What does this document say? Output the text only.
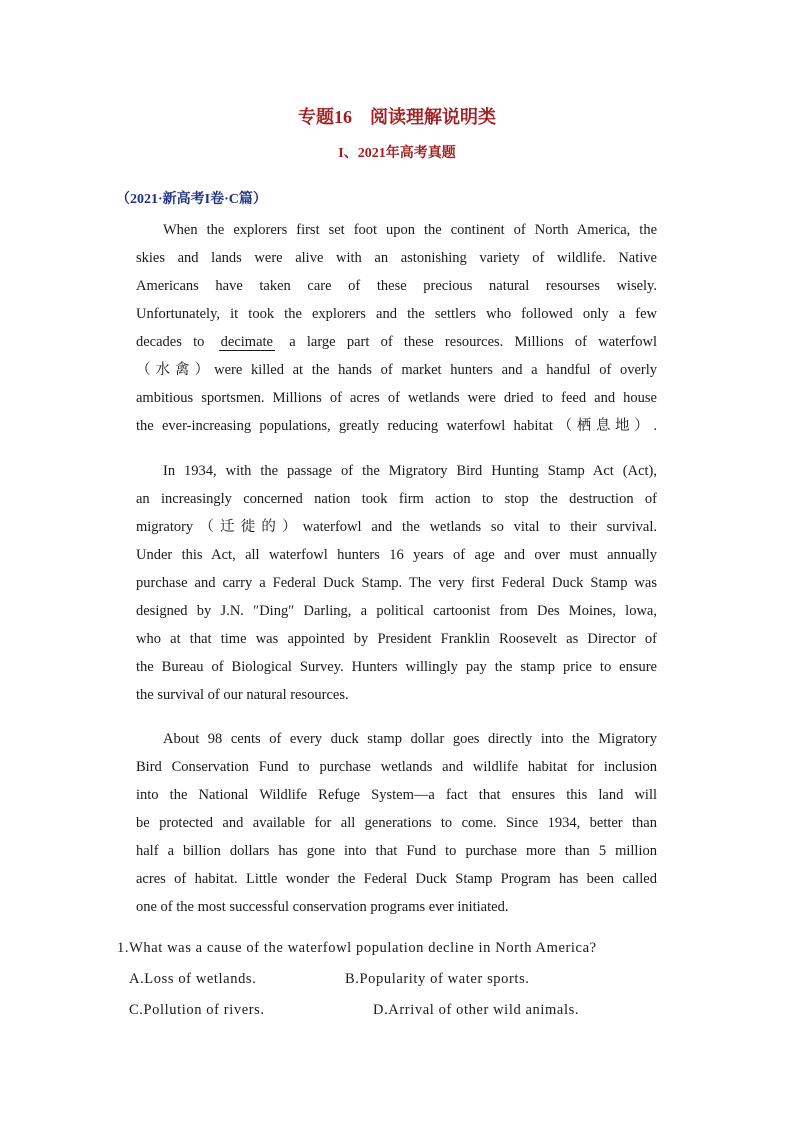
专题16　阅读理解说明类
I、2021年高考真题
（2021·新高考I卷·C篇）
When the explorers first set foot upon the continent of North America, the
skies and lands were alive with an astonishing variety of wildlife. Native
Americans have taken care of these precious natural resourses wisely.
Unfortunately, it took the explorers and the settlers who followed only a few
decades to decimate a large part of these resources. Millions of waterfowl
（水禽）were killed at the hands of market hunters and a handful of overly
ambitious sportsmen. Millions of acres of wetlands were dried to feed and house
the ever-increasing populations, greatly reducing waterfowl habitat（栖息地）.
In 1934, with the passage of the Migratory Bird Hunting Stamp Act (Act),
an increasingly concerned nation took firm action to stop the destruction of
migratory（迁徙的）waterfowl and the wetlands so vital to their survival.
Under this Act, all waterfowl hunters 16 years of age and over must annually
purchase and carry a Federal Duck Stamp. The very first Federal Duck Stamp was
designed by J.N. ″Ding″ Darling, a political cartoonist from Des Moines, lowa,
who at that time was appointed by President Franklin Roosevelt as Director of
the Bureau of Biological Survey. Hunters willingly pay the stamp price to ensure
the survival of our natural resources.
About 98 cents of every duck stamp dollar goes directly into the Migratory
Bird Conservation Fund to purchase wetlands and wildlife habitat for inclusion
into the National Wildlife Refuge System—a fact that ensures this land will
be protected and available for all generations to come. Since 1934, better than
half a billion dollars has gone into that Fund to purchase more than 5 million
acres of habitat. Little wonder the Federal Duck Stamp Program has been called
one of the most successful conservation programs ever initiated.
1.What was a cause of the waterfowl population decline in North America?
A.Loss of wetlands.	B.Popularity of water sports.
C.Pollution of rivers.	D.Arrival of other wild animals.
